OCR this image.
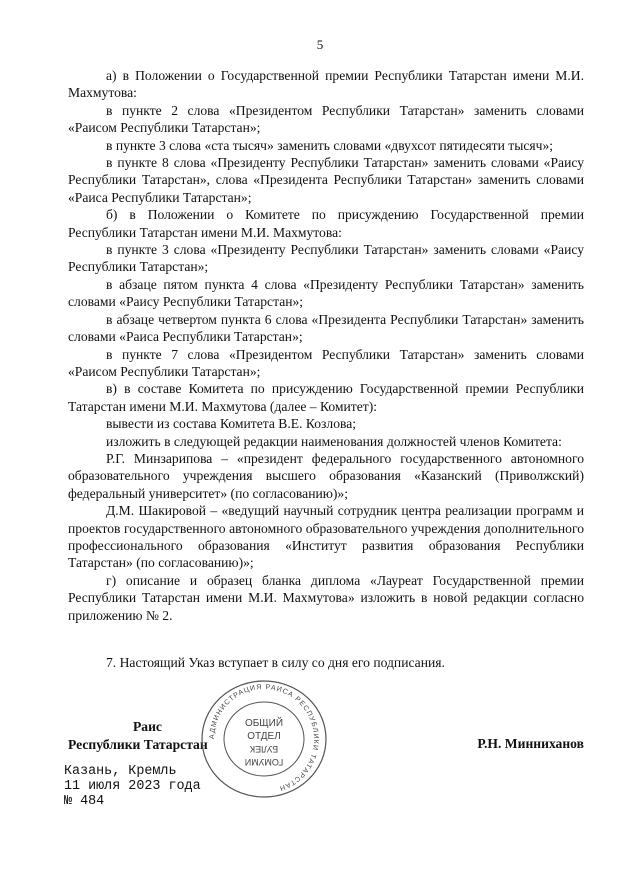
5

а) в Положении о Государственной премии Республики Татарстан имени М.И. Махмутова:

в пункте 2 слова «Президентом Республики Татарстан» заменить словами «Раисом Республики Татарстан»;

в пункте 3 слова «ста тысяч» заменить словами «двухсот пятидесяти тысяч»;

в пункте 8 слова «Президенту Республики Татарстан» заменить словами «Раису Республики Татарстан», слова «Президента Республики Татарстан» заменить словами «Раиса Республики Татарстан»;

б) в Положении о Комитете по присуждению Государственной премии Республики Татарстан имени М.И. Махмутова:

в пункте 3 слова «Президенту Республики Татарстан» заменить словами «Раису Республики Татарстан»;

в абзаце пятом пункта 4 слова «Президенту Республики Татарстан» заменить словами «Раису Республики Татарстан»;

в абзаце четвертом пункта 6 слова «Президента Республики Татарстан» заменить словами «Раиса Республики Татарстан»;

в пункте 7 слова «Президентом Республики Татарстан» заменить словами «Раисом Республики Татарстан»;

в) в составе Комитета по присуждению Государственной премии Республики Татарстан имени М.И. Махмутова (далее – Комитет):

вывести из состава Комитета В.Е. Козлова;

изложить в следующей редакции наименования должностей членов Комитета:

Р.Г. Минзарипова – «президент федерального государственного автономного образовательного учреждения высшего образования «Казанский (Приволжский) федеральный университет» (по согласованию)»;

Д.М. Шакировой – «ведущий научный сотрудник центра реализации программ и проектов государственного автономного образовательного учреждения дополнительного профессионального образования «Институт развития образования Республики Татарстан» (по согласованию)»;

г) описание и образец бланка диплома «Лауреат Государственной премии Республики Татарстан имени М.И. Махмутова» изложить в новой редакции согласно приложению № 2.

7. Настоящий Указ вступает в силу со дня его подписания.
Раис
Республики Татарстан	Р.Н. Минниханов
Казань, Кремль
11 июля 2023 года
№ 484
АДМИНИСТРАЦИЯ РАИСА РЕСПУБЛИКИ ТАТАРСТАН
ОБЩИЙ
ОТДЕЛ
БУЛЕК
ГОМУМИ
